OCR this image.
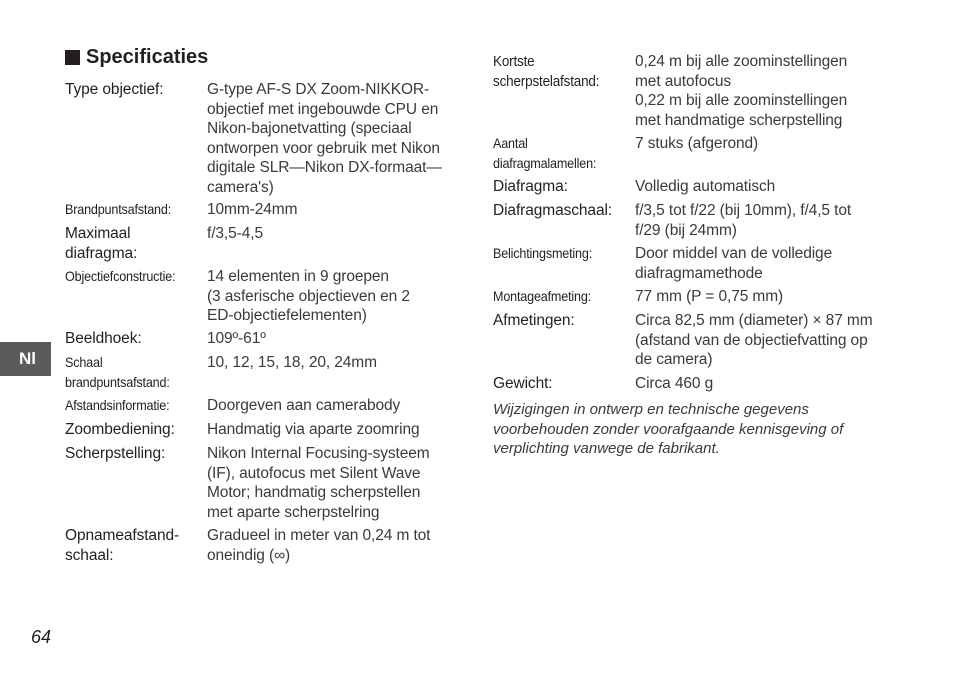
Nl
Specificaties
Type objectief:	G-type AF-S DX Zoom-NIKKOR-
objectief met ingebouwde CPU en
Nikon-bajonetvatting (speciaal
ontworpen voor gebruik met Nikon
digitale SLR—Nikon DX-formaat—
camera's)
Brandpuntsafstand: 10mm-24mm
Maximaal diafragma:
f/3,5-4,5
Objectiefconstructie: 14 elementen in 9 groepen
(3 asferische objectieven en 2
ED-objectiefelementen)
Beeldhoek:	109º-61º
Schaal brandpuntsafstand:
10, 12, 15, 18, 20, 24mm
Afstandsinformatie: Doorgeven aan camerabody
Zoombediening: Handmatig via aparte zoomring
Scherpstelling:	Nikon Internal Focusing-systeem
(IF), autofocus met Silent Wave
Motor; handmatig scherpstellen
met aparte scherpstelring
Opnameafstand-schaal:
Gradueel in meter van 0,24 m tot
oneindig (∞)
Kortste scherpstelafstand:
0,24 m bij alle zoominstellingen
met autofocus
0,22 m bij alle zoominstellingen
met handmatige scherpstelling
Aantal diafragmalamellen:
7 stuks (afgerond)
Diafragma:	Volledig automatisch
Diafragmaschaal: f/3,5 tot f/22 (bij 10mm), f/4,5 tot
f/29 (bij 24mm)
Belichtingsmeting:	Door middel van de volledige
diafragmamethode
Montageafmeting:	77 mm (P = 0,75 mm)
Afmetingen:	Circa 82,5 mm (diameter) × 87 mm
(afstand van de objectiefvatting op
de camera)
Gewicht:	Circa 460 g
Wijzigingen in ontwerp en technische gegevens
voorbehouden zonder voorafgaande kennisgeving of
verplichting vanwege de fabrikant.
64
